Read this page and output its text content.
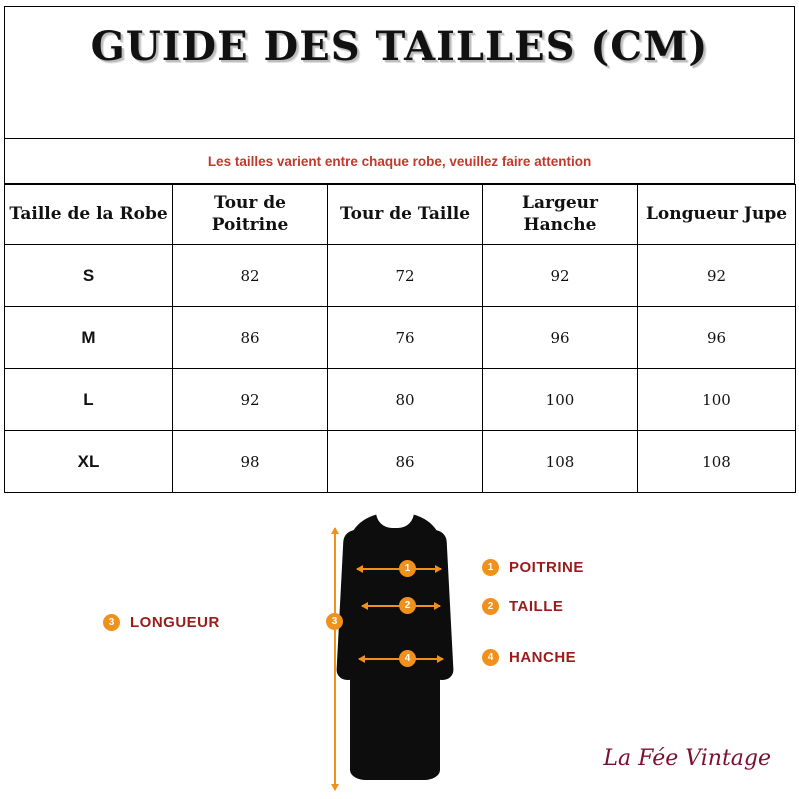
GUIDE DES TAILLES (CM)
Les tailles varient entre chaque robe, veuillez faire attention
Taille de la Robe	Tour de Poitrine	Tour de Taille	Largeur Hanche	Longueur Jupe
S	82	72	92	92
M	86	76	96	96
L	92	80	100	100
XL	98	86	108	108
3
1
2
4
1	POITRINE
2	TAILLE
4	HANCHE
3	LONGUEUR
La Fée Vintage
